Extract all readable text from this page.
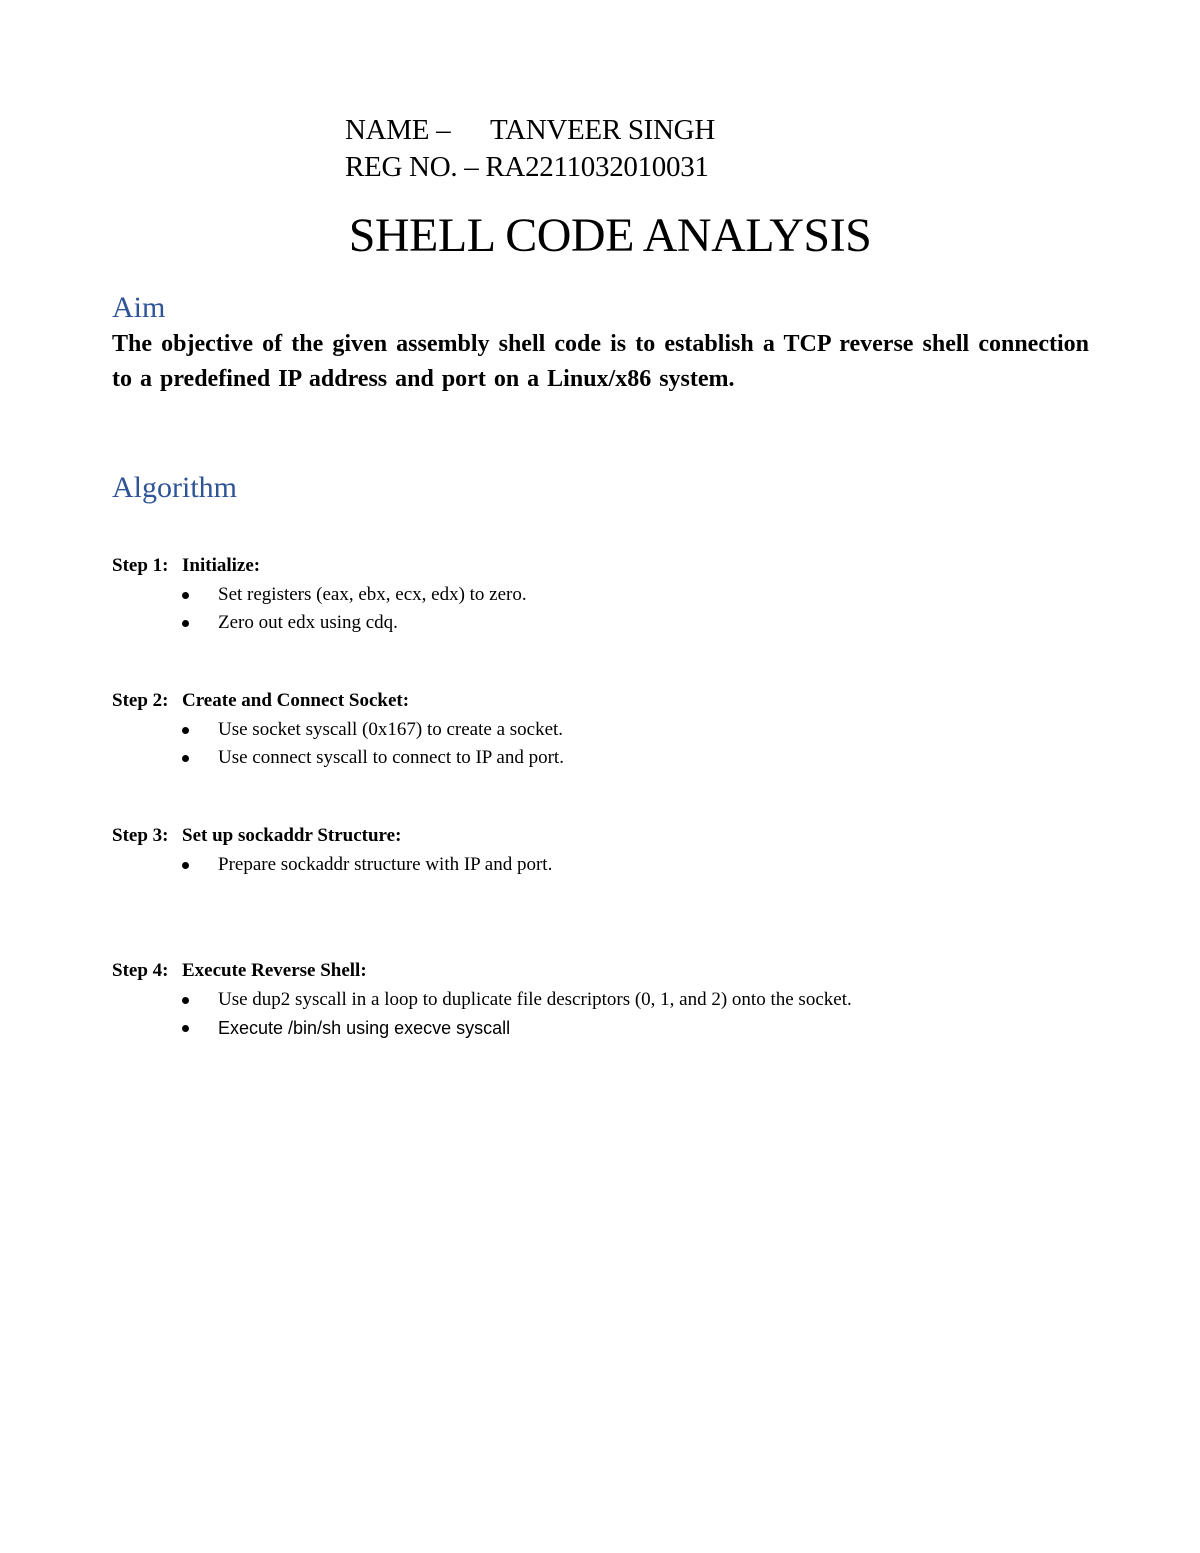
NAME – TANVEER SINGH
REG NO. – RA2211032010031
SHELL CODE ANALYSIS
Aim
The objective of the given assembly shell code is to establish a TCP reverse shell connection to a predefined IP address and port on a Linux/x86 system.
Algorithm
Step 1: Initialize:
Set registers (eax, ebx, ecx, edx) to zero.
Zero out edx using cdq.
Step 2: Create and Connect Socket:
Use socket syscall (0x167) to create a socket.
Use connect syscall to connect to IP and port.
Step 3: Set up sockaddr Structure:
Prepare sockaddr structure with IP and port.
Step 4: Execute Reverse Shell:
Use dup2 syscall in a loop to duplicate file descriptors (0, 1, and 2) onto the socket.
Execute /bin/sh using execve syscall
